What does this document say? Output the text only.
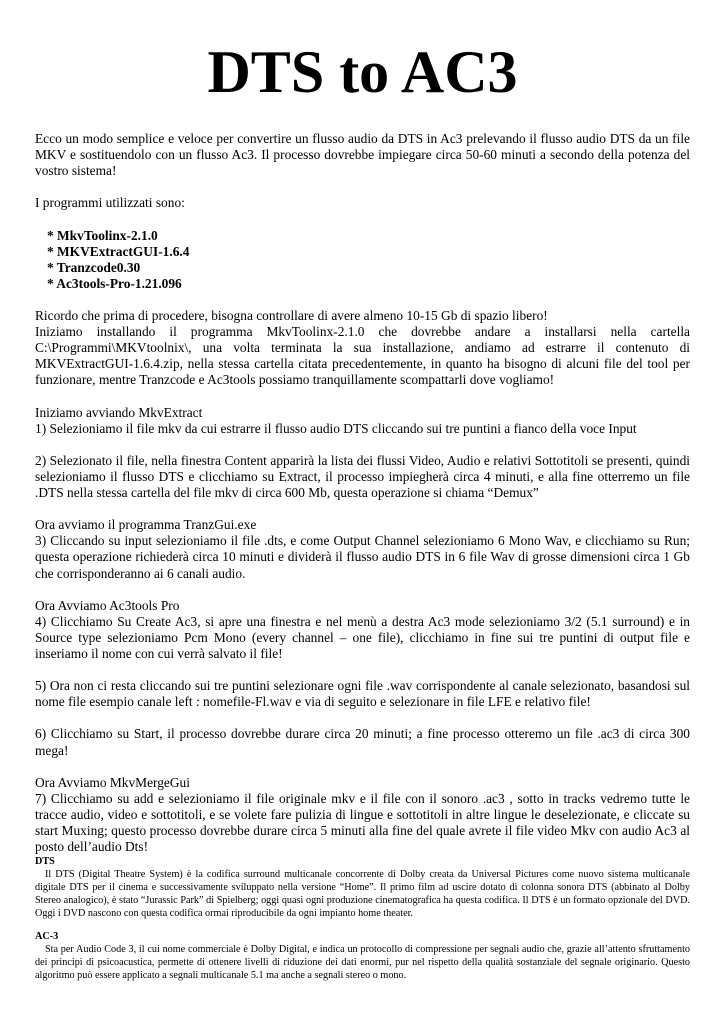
DTS to AC3

Ecco un modo semplice e veloce per convertire un flusso audio da DTS in Ac3 prelevando il flusso audio DTS da un file MKV e sostituendolo con un flusso Ac3. Il processo dovrebbe impiegare circa 50-60 minuti a secondo della potenza del vostro sistema!

I programmi utilizzati sono:

* MkvToolinx-2.1.0
* MKVExtractGUI-1.6.4
* Tranzcode0.30
* Ac3tools-Pro-1.21.096

Ricordo che prima di procedere, bisogna controllare di avere almeno 10-15 Gb di spazio libero!

Iniziamo installando il programma MkvToolinx-2.1.0 che dovrebbe andare a installarsi nella cartella C:\Programmi\MKVtoolnix\, una volta terminata la sua installazione, andiamo ad estrarre il contenuto di MKVExtractGUI-1.6.4.zip, nella stessa cartella citata precedentemente, in quanto ha bisogno di alcuni file del tool per funzionare, mentre Tranzcode e Ac3tools possiamo tranquillamente scompattarli dove vogliamo!

Iniziamo avviando MkvExtract

1) Selezioniamo il file mkv da cui estrarre il flusso audio DTS cliccando sui tre puntini a fianco della voce Input

2) Selezionato il file, nella finestra Content apparirà la lista dei flussi Video, Audio e relativi Sottotitoli se presenti, quindi selezioniamo il flusso DTS e clicchiamo su Extract, il processo impiegherà circa 4 minuti, e alla fine otterremo un file .DTS nella stessa cartella del file mkv di circa 600 Mb, questa operazione si chiama “Demux”

Ora avviamo il programma TranzGui.exe

3) Cliccando su input selezioniamo il file .dts, e come Output Channel selezioniamo 6 Mono Wav, e clicchiamo su Run; questa operazione richiederà circa 10 minuti e dividerà il flusso audio DTS in 6 file Wav di grosse dimensioni circa 1 Gb che corrisponderanno ai 6 canali audio.

Ora Avviamo Ac3tools Pro

4) Clicchiamo Su Create Ac3, si apre una finestra e nel menù a destra Ac3 mode selezioniamo 3/2 (5.1 surround) e in Source type selezioniamo Pcm Mono (every channel – one file), clicchiamo in fine sui tre puntini di output file e inseriamo il nome con cui verrà salvato il file!

5) Ora non ci resta cliccando sui tre puntini selezionare ogni file .wav corrispondente al canale selezionato, basandosi sul nome file esempio canale left : nomefile-Fl.wav e via di seguito e selezionare in file LFE e relativo file!

6) Clicchiamo su Start, il processo dovrebbe durare circa 20 minuti; a fine processo otteremo un file .ac3 di circa 300 mega!

Ora Avviamo MkvMergeGui

7) Clicchiamo su add e selezioniamo il file originale mkv e il file con il sonoro .ac3 , sotto in tracks vedremo tutte le tracce audio, video e sottotitoli, e se volete fare pulizia di lingue e sottotitoli in altre lingue le deselezionate, e cliccate su start Muxing; questo processo dovrebbe durare circa 5 minuti alla fine del quale avrete il file video Mkv con audio Ac3 al posto dell’audio Dts!

DTS

Il DTS (Digital Theatre System) è la codifica surround multicanale concorrente di Dolby creata da Universal Pictures come nuovo sistema multicanale digitale DTS per il cinema e successivamente sviluppato nella versione “Home”. Il primo film ad uscire dotato di colonna sonora DTS (abbinato al Dolby Stereo analogico), è stato “Jurassic Park” di Spielberg; oggi quasi ogni produzione cinematografica ha questa codifica. Il DTS è un formato opzionale del DVD. Oggi i DVD nascono con questa codifica ormai riproducibile da ogni impianto home theater.

AC-3

Sta per Audio Code 3, il cui nome commerciale è Dolby Digital, e indica un protocollo di compressione per segnali audio che, grazie all’attento sfruttamento dei principi di psicoacustica, permette di ottenere livelli di riduzione dei dati enormi, pur nel rispetto della qualità sostanziale del segnale originario. Questo algoritmo può essere applicato a segnali multicanale 5.1 ma anche a segnali stereo o mono.
